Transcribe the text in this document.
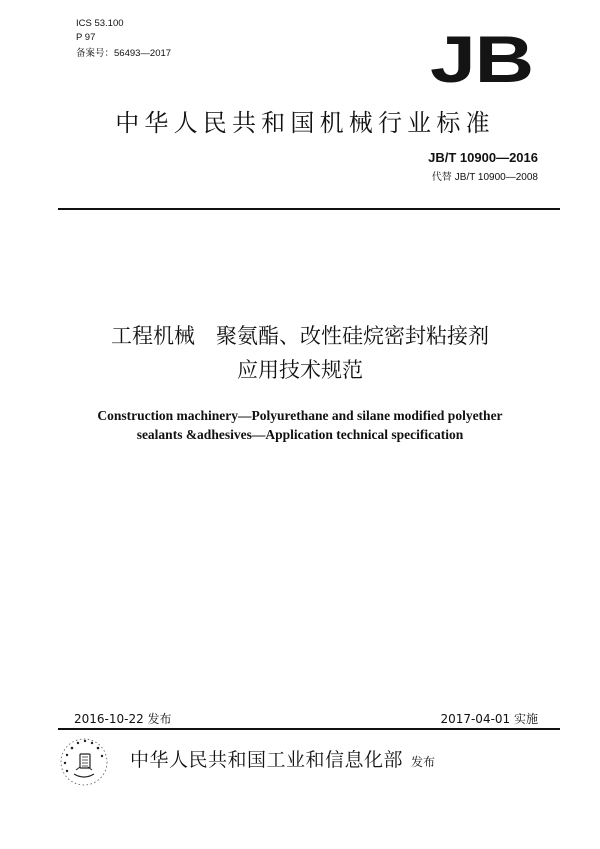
ICS 53.100
P 97
备案号：56493—2017	JB
中华人民共和国机械行业标准
JB/T 10900—2016
代替 JB/T 10900—2008
工程机械　聚氨酯、改性硅烷密封粘接剂
应用技术规范
Construction machinery—Polyurethane and silane modified polyether
sealants &adhesives—Application technical specification
2016-10-22 发布	2017-04-01 实施
中华人民共和国工业和信息化部 发布
